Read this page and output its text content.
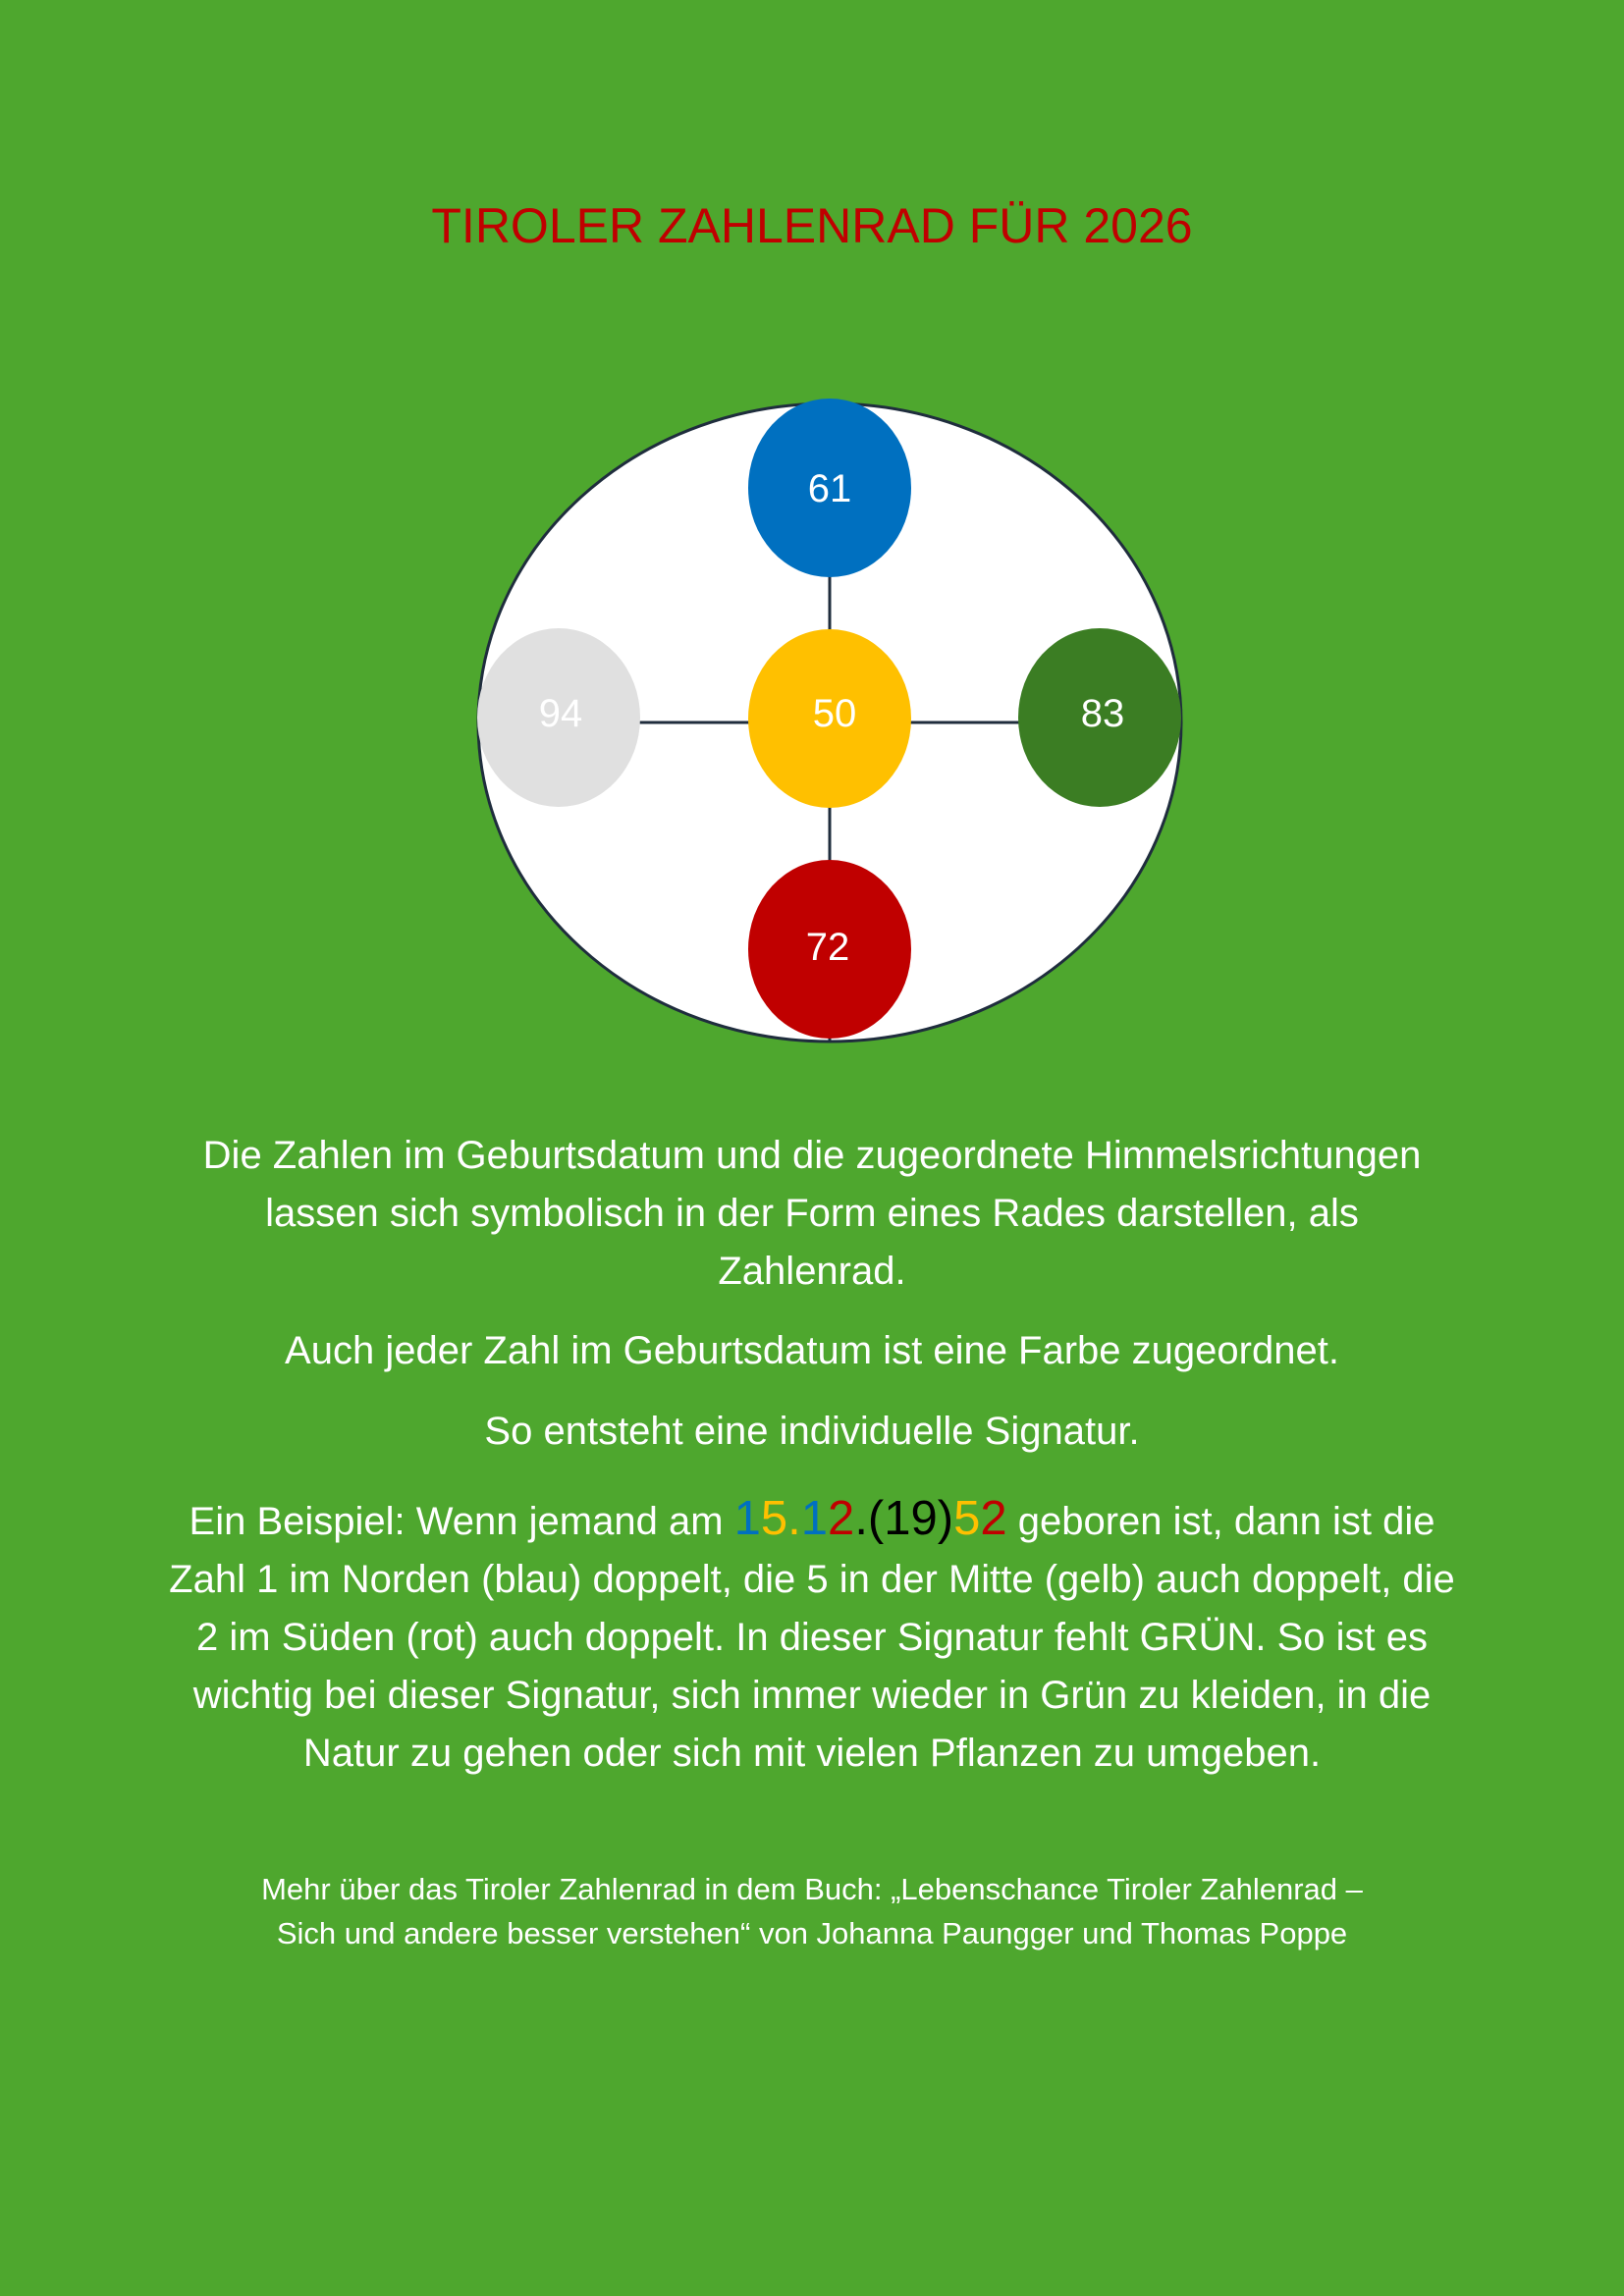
TIROLER ZAHLENRAD FÜR 2026
61
50
94	83
72

Die Zahlen im Geburtsdatum und die zugeordnete Himmelsrichtungen lassen sich symbolisch in der Form eines Rades darstellen, als Zahlenrad.

Auch jeder Zahl im Geburtsdatum ist eine Farbe zugeordnet.

So entsteht eine individuelle Signatur.

Ein Beispiel: Wenn jemand am 15.12.(19)52 geboren ist, dann ist die Zahl 1 im Norden (blau) doppelt, die 5 in der Mitte (gelb) auch doppelt, die 2 im Süden (rot) auch doppelt. In dieser Signatur fehlt GRÜN. So ist es wichtig bei dieser Signatur, sich immer wieder in Grün zu kleiden, in die Natur zu gehen oder sich mit vielen Pflanzen zu umgeben.

Mehr über das Tiroler Zahlenrad in dem Buch: „Lebenschance Tiroler Zahlenrad –
Sich und andere besser verstehen“ von Johanna Paungger und Thomas Poppe
